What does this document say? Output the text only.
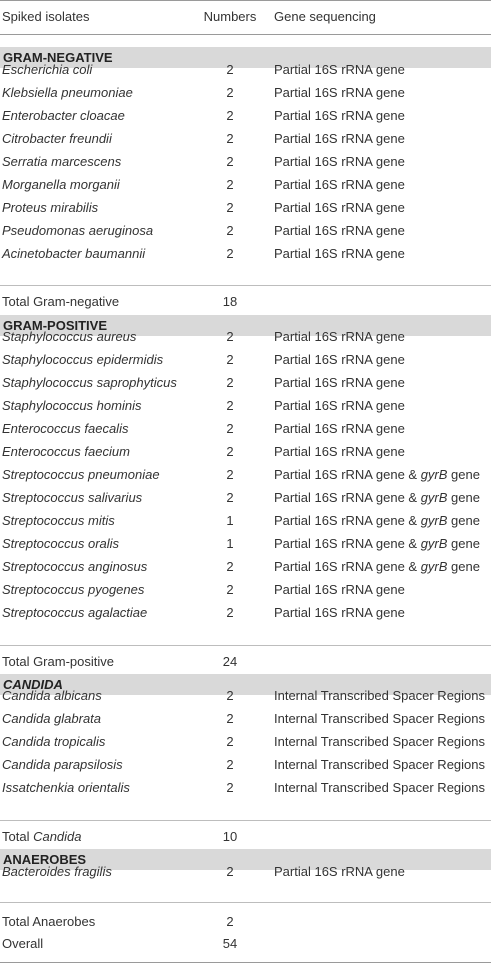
Spiked isolates	Numbers Gene sequencing
GRAM-NEGATIVE
Escherichia coli	2	Partial 16S rRNA gene
Klebsiella pneumoniae	2	Partial 16S rRNA gene
Enterobacter cloacae	2	Partial 16S rRNA gene
Citrobacter freundii	2	Partial 16S rRNA gene
Serratia marcescens	2	Partial 16S rRNA gene
Morganella morganii	2	Partial 16S rRNA gene
Proteus mirabilis	2	Partial 16S rRNA gene
Pseudomonas aeruginosa	2	Partial 16S rRNA gene
Acinetobacter baumannii	2	Partial 16S rRNA gene
Total Gram-negative	18
GRAM-POSITIVE
Staphylococcus aureus	2	Partial 16S rRNA gene
Staphylococcus epidermidis	2	Partial 16S rRNA gene
Staphylococcus saprophyticus	2	Partial 16S rRNA gene
Staphylococcus hominis	2	Partial 16S rRNA gene
Enterococcus faecalis	2	Partial 16S rRNA gene
Enterococcus faecium	2	Partial 16S rRNA gene
Streptococcus pneumoniae	2	Partial 16S rRNA gene & gyrB gene
Streptococcus salivarius	2	Partial 16S rRNA gene & gyrB gene
Streptococcus mitis	1	Partial 16S rRNA gene & gyrB gene
Streptococcus oralis	1	Partial 16S rRNA gene & gyrB gene
Streptococcus anginosus	2	Partial 16S rRNA gene & gyrB gene
Streptococcus pyogenes	2	Partial 16S rRNA gene
Streptococcus agalactiae	2	Partial 16S rRNA gene
Total Gram-positive	24
CANDIDA
Candida albicans	2	Internal Transcribed Spacer Regions
Candida glabrata	2	Internal Transcribed Spacer Regions
Candida tropicalis	2	Internal Transcribed Spacer Regions
Candida parapsilosis	2	Internal Transcribed Spacer Regions
Issatchenkia orientalis	2	Internal Transcribed Spacer Regions
Total Candida	10
ANAEROBES
Bacteroides fragilis	2	Partial 16S rRNA gene
Total Anaerobes	2
Overall	54
